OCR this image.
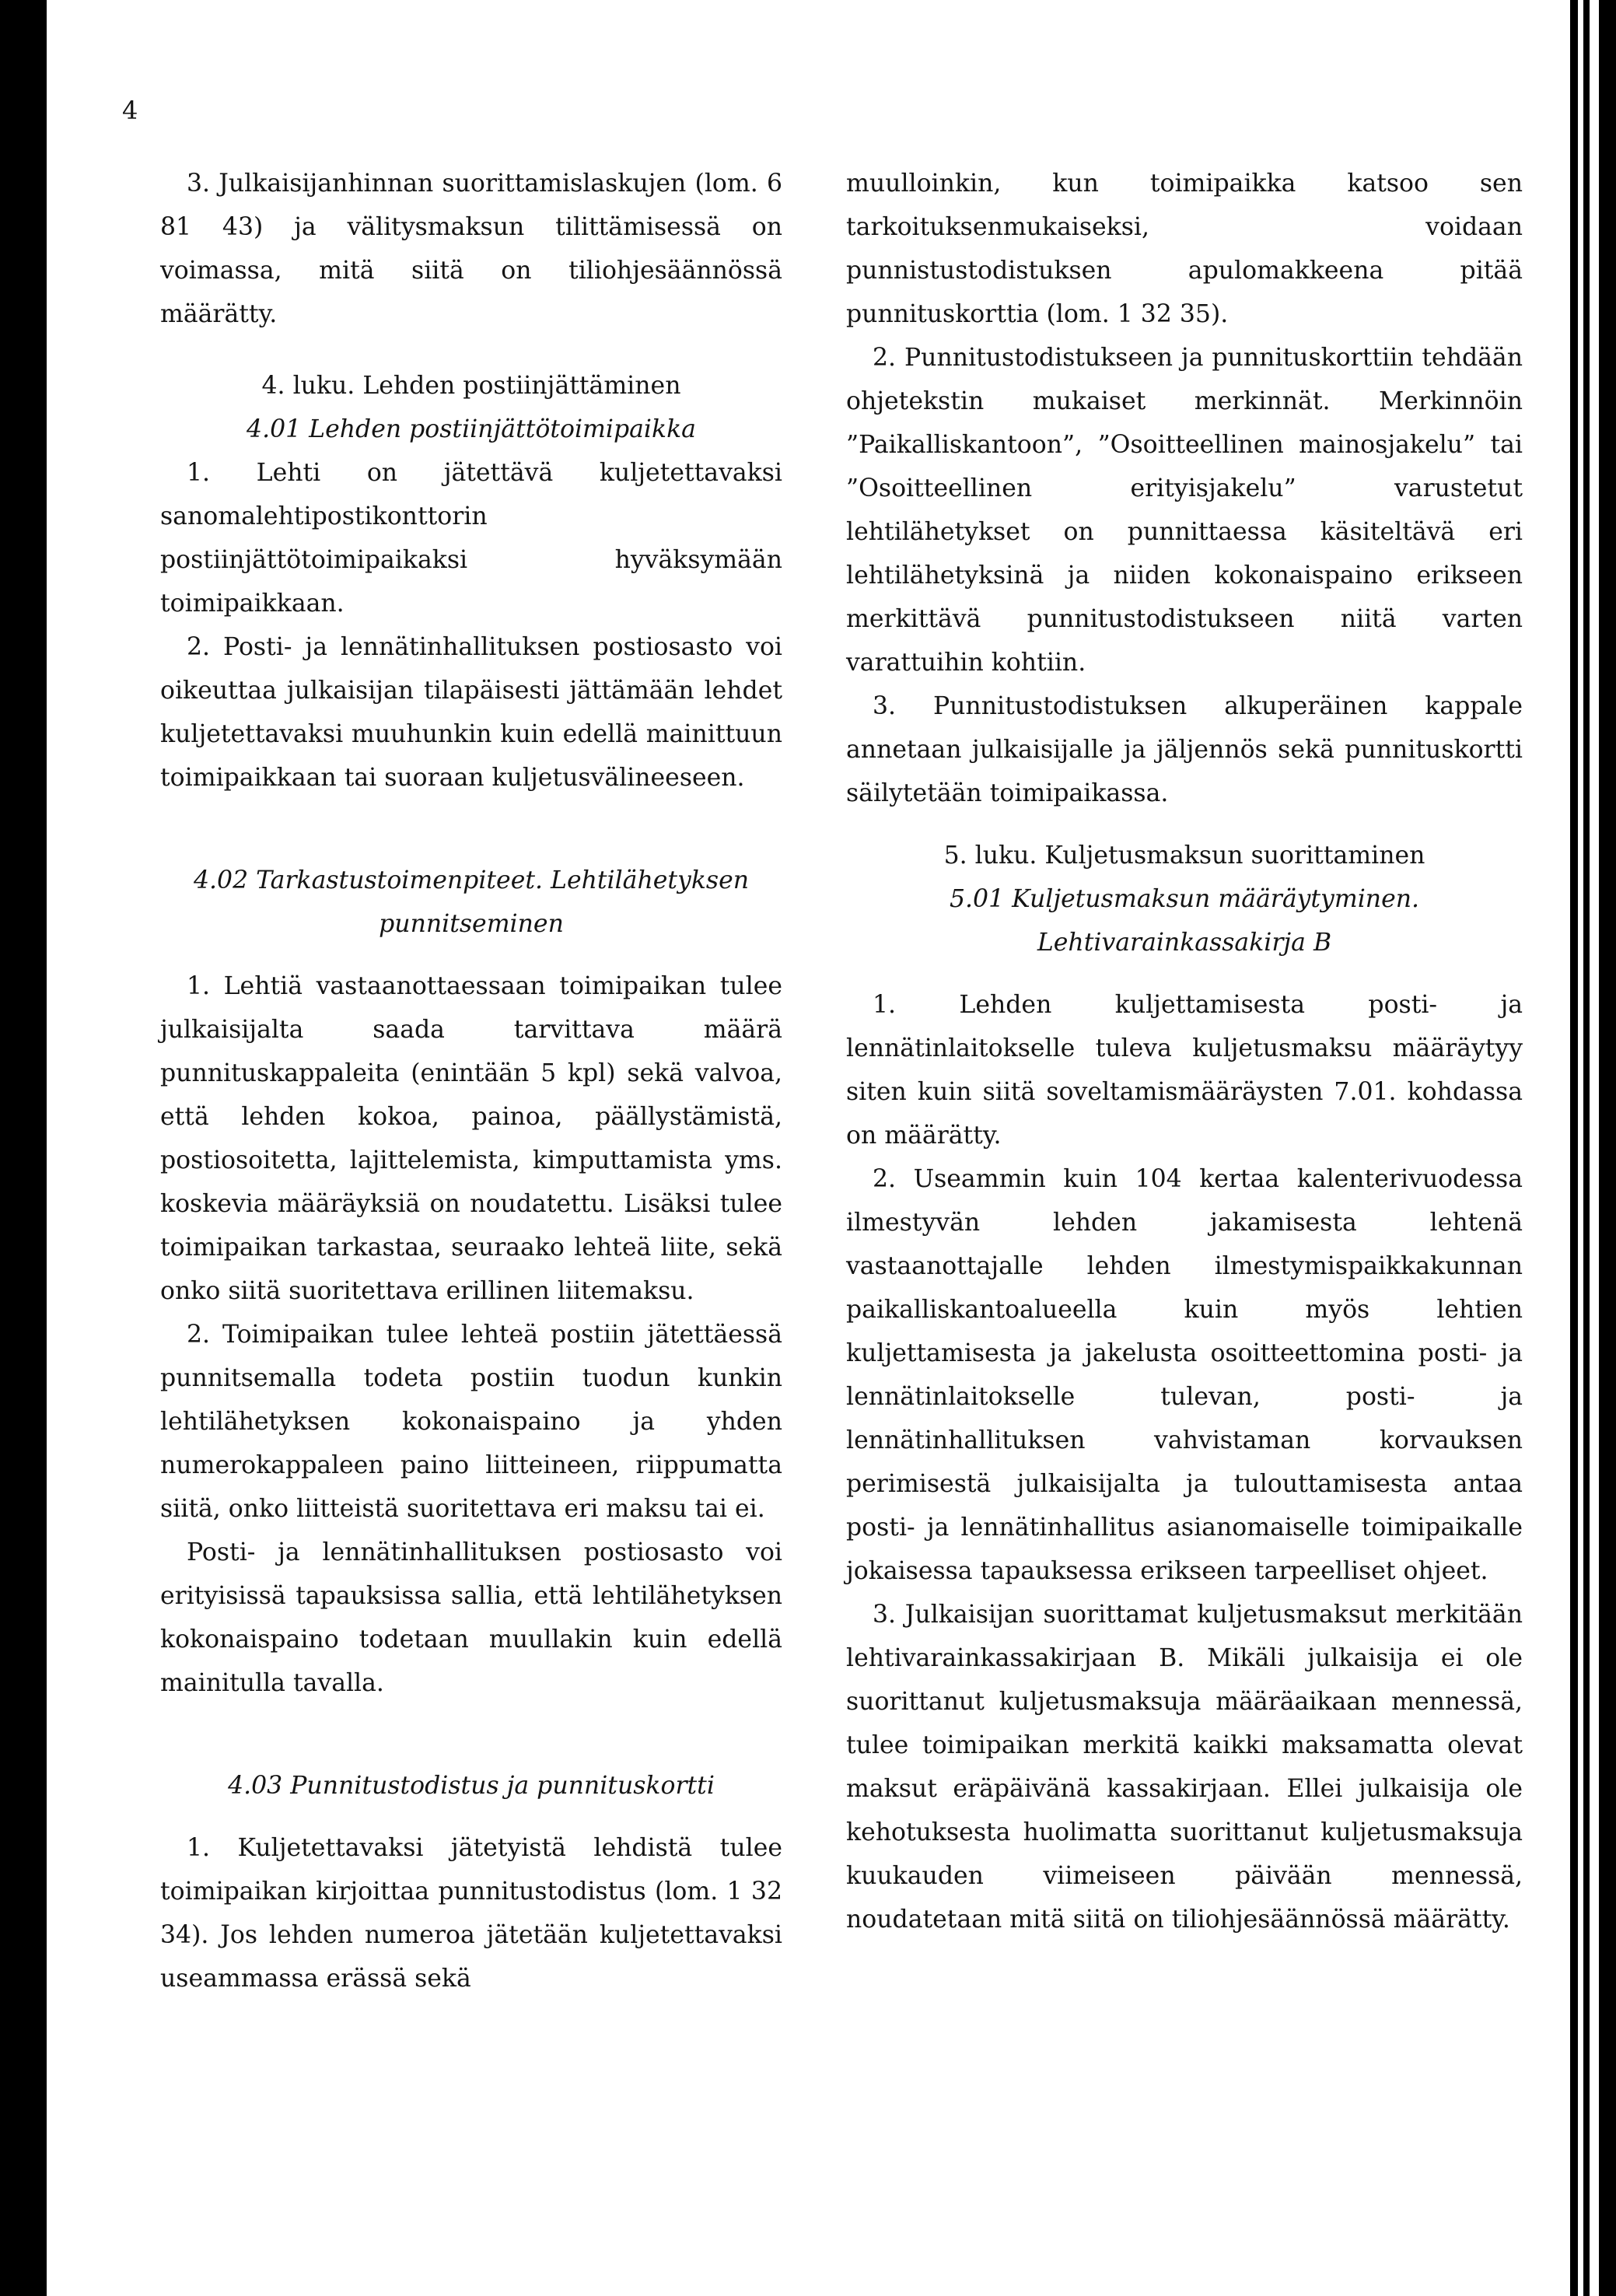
4

3. Julkaisijanhinnan suorittamislaskujen (lom. 6 81 43) ja välitysmaksun tilittämisessä on voimassa, mitä siitä on tiliohjesäännössä määrätty.

4. luku. Lehden postiinjättäminen
4.01 Lehden postiinjättötoimipaikka

1. Lehti on jätettävä kuljetettavaksi sanomalehtipostikonttorin postiinjättötoimipaikaksi hyväksymään toimipaikkaan.

2. Posti- ja lennätinhallituksen postiosasto voi oikeuttaa julkaisijan tilapäisesti jättämään lehdet kuljetettavaksi muuhunkin kuin edellä mainittuun toimipaikkaan tai suoraan kuljetusvälineeseen.

4.02 Tarkastustoimenpiteet. Lehtilähetyksen punnitseminen

1. Lehtiä vastaanottaessaan toimipaikan tulee julkaisijalta saada tarvittava määrä punnituskappaleita (enintään 5 kpl) sekä valvoa, että lehden kokoa, painoa, päällystämistä, postiosoitetta, lajittelemista, kimputtamista yms. koskevia määräyksiä on noudatettu. Lisäksi tulee toimipaikan tarkastaa, seuraako lehteä liite, sekä onko siitä suoritettava erillinen liitemaksu.

2. Toimipaikan tulee lehteä postiin jätettäessä punnitsemalla todeta postiin tuodun kunkin lehtilähetyksen kokonaispaino ja yhden numerokappaleen paino liitteineen, riippumatta siitä, onko liitteistä suoritettava eri maksu tai ei.

Posti- ja lennätinhallituksen postiosasto voi erityisissä tapauksissa sallia, että lehtilähetyksen kokonaispaino todetaan muullakin kuin edellä mainitulla tavalla.

4.03 Punnitustodistus ja punnituskortti

1. Kuljetettavaksi jätetyistä lehdistä tulee toimipaikan kirjoittaa punnitustodistus (lom. 1 32 34). Jos lehden numeroa jätetään kuljetettavaksi useammassa erässä sekä

muulloinkin, kun toimipaikka katsoo sen tarkoituksenmukaiseksi, voidaan punnistustodistuksen apulomakkeena pitää punnituskorttia (lom. 1 32 35).

2. Punnitustodistukseen ja punnituskorttiin tehdään ohjetekstin mukaiset merkinnät. Merkinnöin ”Paikalliskantoon”, ”Osoitteellinen mainosjakelu” tai ”Osoitteellinen erityisjakelu” varustetut lehtilähetykset on punnittaessa käsiteltävä eri lehtilähetyksinä ja niiden kokonaispaino erikseen merkittävä punnitustodistukseen niitä varten varattuihin kohtiin.

3. Punnitustodistuksen alkuperäinen kappale annetaan julkaisijalle ja jäljennös sekä punnituskortti säilytetään toimipaikassa.

5. luku. Kuljetusmaksun suorittaminen
5.01 Kuljetusmaksun määräytyminen.
Lehtivarainkassakirja B

1. Lehden kuljettamisesta posti- ja lennätinlaitokselle tuleva kuljetusmaksu määräytyy siten kuin siitä soveltamismääräysten 7.01. kohdassa on määrätty.

2. Useammin kuin 104 kertaa kalenterivuodessa ilmestyvän lehden jakamisesta lehtenä vastaanottajalle lehden ilmestymispaikkakunnan paikalliskantoalueella kuin myös lehtien kuljettamisesta ja jakelusta osoitteettomina posti- ja lennätinlaitokselle tulevan, posti- ja lennätinhallituksen vahvistaman korvauksen perimisestä julkaisijalta ja tulouttamisesta antaa posti- ja lennätinhallitus asianomaiselle toimipaikalle jokaisessa tapauksessa erikseen tarpeelliset ohjeet.

3. Julkaisijan suorittamat kuljetusmaksut merkitään lehtivarainkassakirjaan B. Mikäli julkaisija ei ole suorittanut kuljetusmaksuja määräaikaan mennessä, tulee toimipaikan merkitä kaikki maksamatta olevat maksut eräpäivänä kassakirjaan. Ellei julkaisija ole kehotuksesta huolimatta suorittanut kuljetusmaksuja kuukauden viimeiseen päivään mennessä, noudatetaan mitä siitä on tiliohjesäännössä määrätty.
